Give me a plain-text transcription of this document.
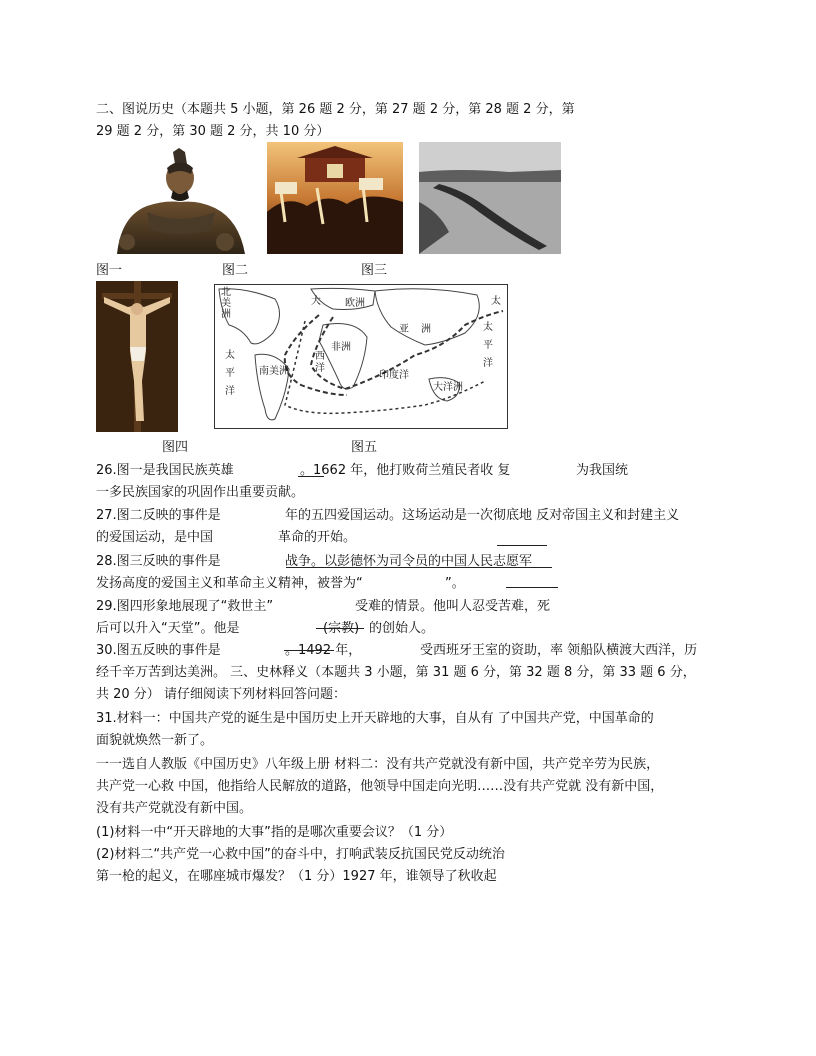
二、图说历史（本题共 5 小题，第 26 题 2 分，第 27 题 2 分，第 28 题 2 分，第
29 题 2 分，第 30 题 2 分，共 10 分）
图一	图二	图三
北
美
洲
大 欧洲	太
亚 洲
非洲
西
洋
印度洋
南美洲
太
平
洋
太
平
洋
大洋洲
图四	图五
26.图一是我国民族英雄	。1662 年，他打败荷兰殖民者收 复	为我国统
一多民族国家的巩固作出重要贡献。
27.图二反映的事件是	年的五四爱国运动。这场运动是一次彻底地 反对帝国主义和封建主义
的爱国运动，是中国	革命的开始。
28.图三反映的事件是	战争。以彭德怀为司令员的中国人民志愿军
发扬高度的爱国主义和革命主义精神，被誉为“	”。
29.图四形象地展现了“救世主”	受难的情景。他叫人忍受苦难，死
后可以升入“天堂”。他是	(宗教) 的创始人。
30.图五反映的事件是	。1492 年，	受西班牙王室的资助，率 领船队横渡大西洋，历
经千辛万苦到达美洲。 三、史林释义（本题共 3 小题，第 31 题 6 分，第 32 题 8 分，第 33 题 6 分，
共 20 分） 请仔细阅读下列材料回答问题：
31.材料一：中国共产党的诞生是中国历史上开天辟地的大事，自从有 了中国共产党，中国革命的
面貌就焕然一新了。
一一选自人教版《中国历史》八年级上册 材料二：没有共产党就没有新中国，共产党辛劳为民族，
共产党一心救 中国，他指给人民解放的道路，他领导中国走向光明……没有共产党就 没有新中国，
没有共产党就没有新中国。
(1)材料一中“开天辟地的大事”指的是哪次重要会议？（1 分）
(2)材料二“共产党一心救中国”的奋斗中，打响武装反抗国民党反动统治
第一枪的起义，在哪座城市爆发？（1 分）1927 年，谁领导了秋收起
